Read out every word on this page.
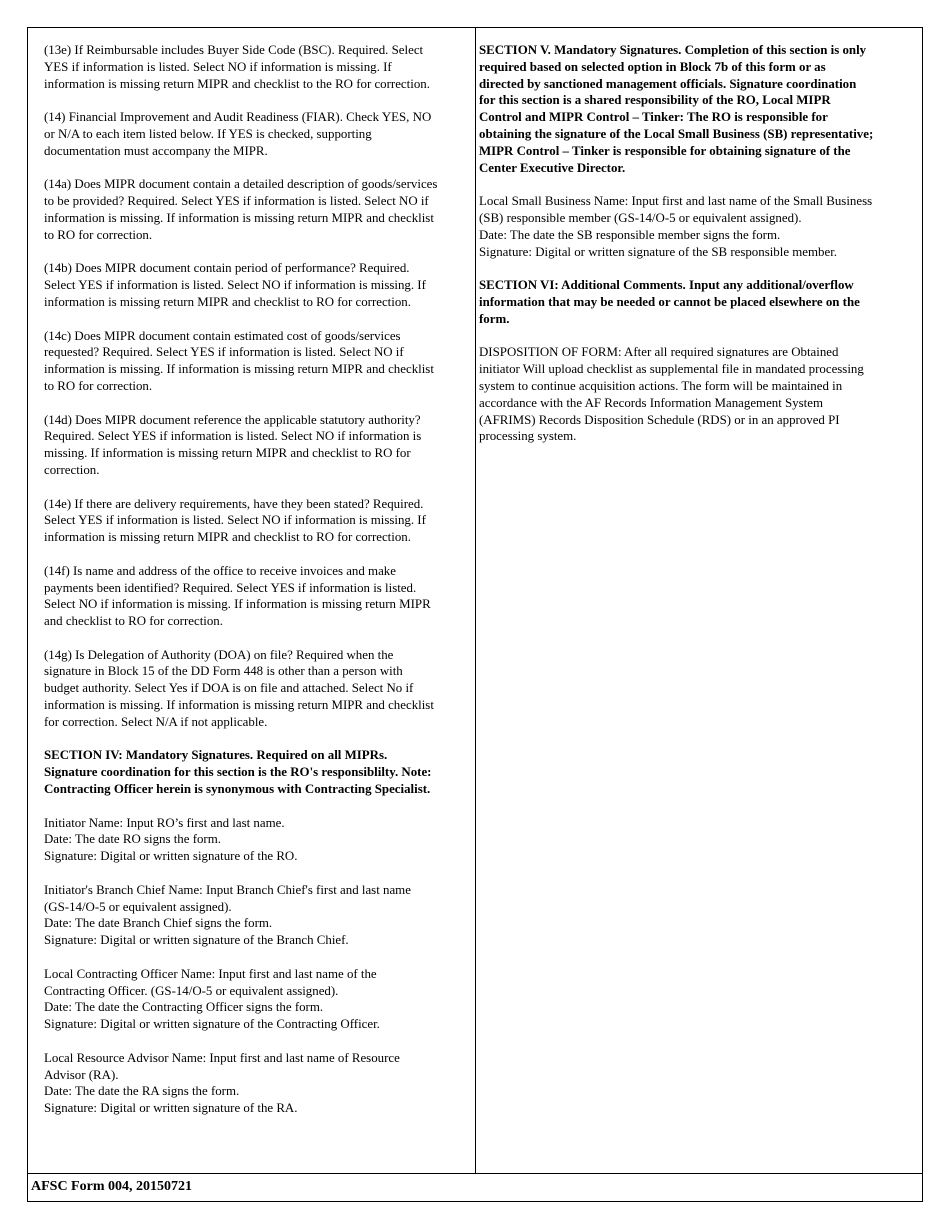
(13e) If Reimbursable includes Buyer Side Code (BSC). Required. Select
YES if information is listed. Select NO if information is missing. If
information is missing return MIPR and checklist to the RO for correction.
(14) Financial Improvement and Audit Readiness (FIAR). Check YES, NO
or N/A to each item listed below. If YES is checked, supporting
documentation must accompany the MIPR.
(14a) Does MIPR document contain a detailed description of goods/services
to be provided? Required. Select YES if information is listed. Select NO if
information is missing. If information is missing return MIPR and checklist
to RO for correction.
(14b) Does MIPR document contain period of performance? Required.
Select YES if information is listed. Select NO if information is missing. If
information is missing return MIPR and checklist to RO for correction.
(14c) Does MIPR document contain estimated cost of goods/services
requested? Required. Select YES if information is listed. Select NO if
information is missing. If information is missing return MIPR and checklist
to RO for correction.
(14d) Does MIPR document reference the applicable statutory authority?
Required. Select YES if information is listed. Select NO if information is
missing. If information is missing return MIPR and checklist to RO for
correction.
(14e) If there are delivery requirements, have they been stated? Required.
Select YES if information is listed. Select NO if information is missing. If
information is missing return MIPR and checklist to RO for correction.
(14f) Is name and address of the office to receive invoices and make
payments been identified? Required. Select YES if information is listed.
Select NO if information is missing. If information is missing return MIPR
and checklist to RO for correction.
(14g) Is Delegation of Authority (DOA) on file? Required when the
signature in Block 15 of the DD Form 448 is other than a person with
budget authority. Select Yes if DOA is on file and attached. Select No if
information is missing. If information is missing return MIPR and checklist
for correction. Select N/A if not applicable.
SECTION IV: Mandatory Signatures. Required on all MIPRs.
Signature coordination for this section is the RO's responsiblilty. Note:
Contracting Officer herein is synonymous with Contracting Specialist.
Initiator Name: Input RO’s first and last name.
Date: The date RO signs the form.
Signature: Digital or written signature of the RO.
Initiator's Branch Chief Name: Input Branch Chief's first and last name
(GS-14/O-5 or equivalent assigned).
Date: The date Branch Chief signs the form.
Signature: Digital or written signature of the Branch Chief.
Local Contracting Officer Name: Input first and last name of the
Contracting Officer. (GS-14/O-5 or equivalent assigned).
Date: The date the Contracting Officer signs the form.
Signature: Digital or written signature of the Contracting Officer.
Local Resource Advisor Name: Input first and last name of Resource
Advisor (RA).
Date: The date the RA signs the form.
Signature: Digital or written signature of the RA.
SECTION V. Mandatory Signatures. Completion of this section is only
required based on selected option in Block 7b of this form or as
directed by sanctioned management officials. Signature coordination
for this section is a shared responsibility of the RO, Local MIPR
Control and MIPR Control – Tinker: The RO is responsible for
obtaining the signature of the Local Small Business (SB) representative;
MIPR Control – Tinker is responsible for obtaining signature of the
Center Executive Director.
Local Small Business Name: Input first and last name of the Small Business
(SB) responsible member (GS-14/O-5 or equivalent assigned).
Date: The date the SB responsible member signs the form.
Signature: Digital or written signature of the SB responsible member.
SECTION VI: Additional Comments. Input any additional/overflow
information that may be needed or cannot be placed elsewhere on the
form.
DISPOSITION OF FORM: After all required signatures are Obtained
initiator Will upload checklist as supplemental file in mandated processing
system to continue acquisition actions. The form will be maintained in
accordance with the AF Records Information Management System
(AFRIMS) Records Disposition Schedule (RDS) or in an approved PI
processing system.
AFSC Form 004, 20150721
